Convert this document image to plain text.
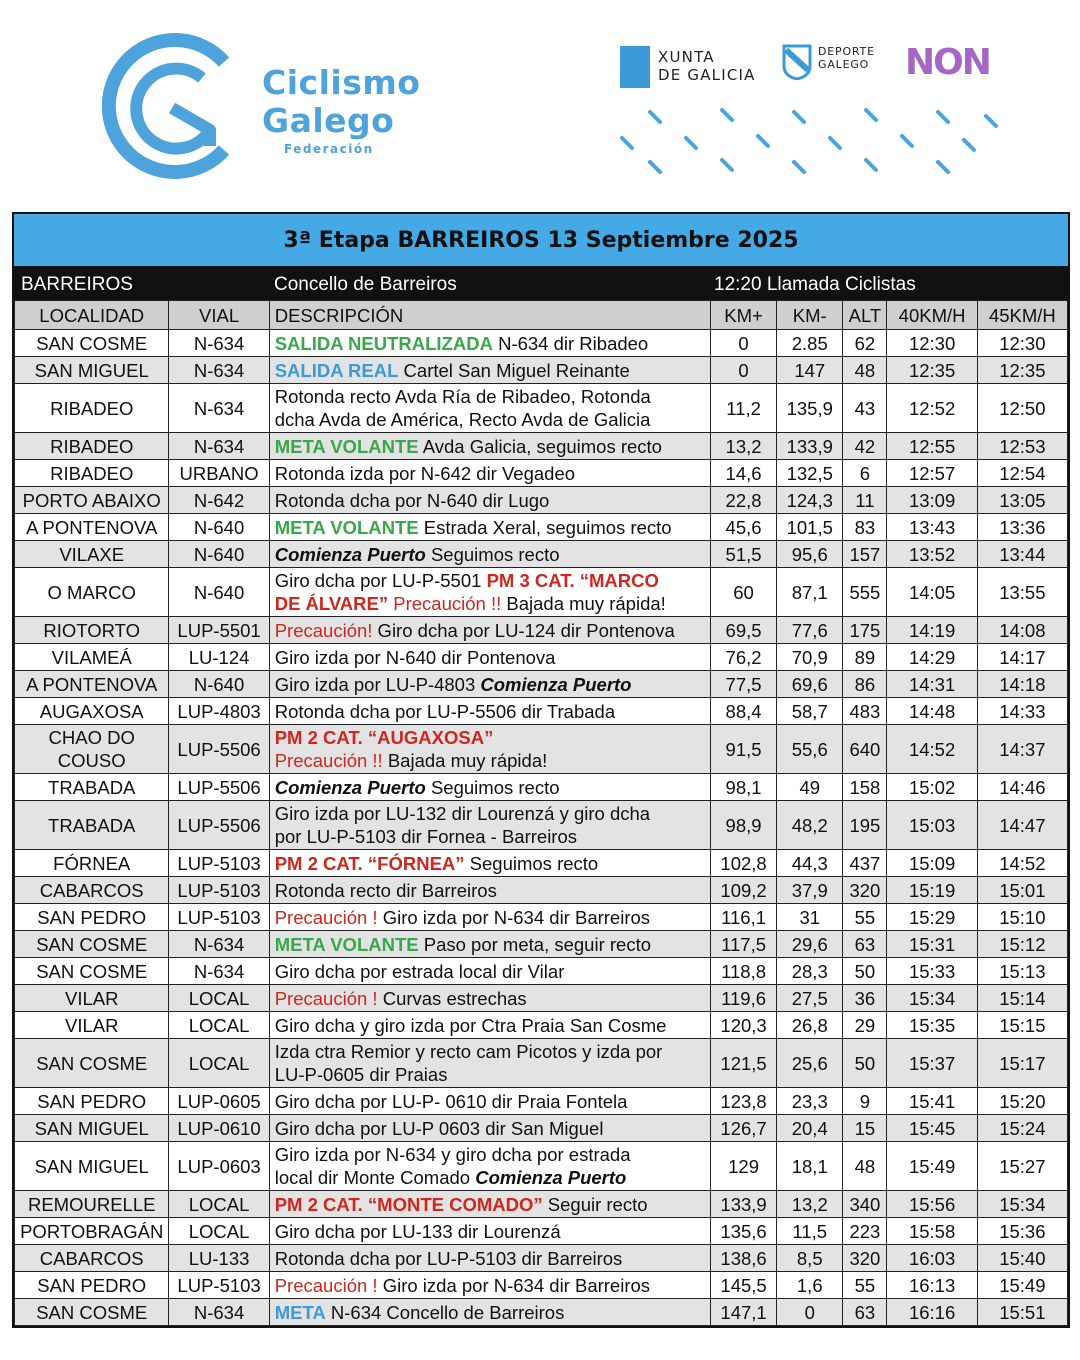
Ciclismo
Galego
Federación
XUNTA
DE GALICIA
DEPORTE
GALEGO NON
3ª Etapa BARREIROS 13 Septiembre 2025
BARREIROS	Concello de Barreiros	12:20 Llamada Ciclistas
LOCALIDAD	VIAL	DESCRIPCIÓN	KM+	KM-	ALT	40KM/H	45KM/H
SAN COSME	N-634	SALIDA NEUTRALIZADA N-634 dir Ribadeo	0	2.85	62	12:30	12:30
SAN MIGUEL	N-634	SALIDA REAL Cartel San Miguel Reinante	0	147	48	12:35	12:35
RIBADEO	N-634	Rotonda recto Avda Ría de Ribadeo, Rotonda
dcha Avda de América, Recto Avda de Galicia	11,2	135,9	43	12:52	12:50
RIBADEO	N-634	META VOLANTE Avda Galicia, seguimos recto	13,2	133,9	42	12:55	12:53
RIBADEO	URBANO	Rotonda izda por N-642 dir Vegadeo	14,6	132,5	6	12:57	12:54
PORTO ABAIXO	N-642	Rotonda dcha por N-640 dir Lugo	22,8	124,3	11	13:09	13:05
A PONTENOVA	N-640	META VOLANTE Estrada Xeral, seguimos recto	45,6	101,5	83	13:43	13:36
VILAXE	N-640	Comienza Puerto Seguimos recto	51,5	95,6	157	13:52	13:44
O MARCO	N-640	Giro dcha por LU-P-5501 PM 3 CAT. “MARCO
DE ÁLVARE” Precaución !! Bajada muy rápida!	60	87,1	555	14:05	13:55
RIOTORTO	LUP-5501	Precaución! Giro dcha por LU-124 dir Pontenova	69,5	77,6	175	14:19	14:08
VILAMEÁ	LU-124	Giro izda por N-640 dir Pontenova	76,2	70,9	89	14:29	14:17
A PONTENOVA	N-640	Giro izda por LU-P-4803 Comienza Puerto	77,5	69,6	86	14:31	14:18
AUGAXOSA	LUP-4803	Rotonda dcha por LU-P-5506 dir Trabada	88,4	58,7	483	14:48	14:33
CHAO DO COUSO	LUP-5506	PM 2 CAT. “AUGAXOSA”
Precaución !! Bajada muy rápida!	91,5	55,6	640	14:52	14:37
TRABADA	LUP-5506	Comienza Puerto Seguimos recto	98,1	49	158	15:02	14:46
TRABADA	LUP-5506	Giro izda por LU-132 dir Lourenzá y giro dcha
por LU-P-5103 dir Fornea - Barreiros	98,9	48,2	195	15:03	14:47
FÓRNEA	LUP-5103	PM 2 CAT. “FÓRNEA” Seguimos recto	102,8	44,3	437	15:09	14:52
CABARCOS	LUP-5103	Rotonda recto dir Barreiros	109,2	37,9	320	15:19	15:01
SAN PEDRO	LUP-5103	Precaución ! Giro izda por N-634 dir Barreiros	116,1	31	55	15:29	15:10
SAN COSME	N-634	META VOLANTE Paso por meta, seguir recto	117,5	29,6	63	15:31	15:12
SAN COSME	N-634	Giro dcha por estrada local dir Vilar	118,8	28,3	50	15:33	15:13
VILAR	LOCAL	Precaución ! Curvas estrechas	119,6	27,5	36	15:34	15:14
VILAR	LOCAL	Giro dcha y giro izda por Ctra Praia San Cosme	120,3	26,8	29	15:35	15:15
SAN COSME	LOCAL	Izda ctra Remior y recto cam Picotos y izda por
LU-P-0605 dir Praias	121,5	25,6	50	15:37	15:17
SAN PEDRO	LUP-0605	Giro dcha por LU-P- 0610 dir Praia Fontela	123,8	23,3	9	15:41	15:20
SAN MIGUEL	LUP-0610	Giro dcha por LU-P 0603 dir San Miguel	126,7	20,4	15	15:45	15:24
SAN MIGUEL	LUP-0603	Giro izda por N-634 y giro dcha por estrada
local dir Monte Comado Comienza Puerto	129	18,1	48	15:49	15:27
REMOURELLE	LOCAL	PM 2 CAT. “MONTE COMADO” Seguir recto	133,9	13,2	340	15:56	15:34
PORTOBRAGÁN	LOCAL	Giro dcha por LU-133 dir Lourenzá	135,6	11,5	223	15:58	15:36
CABARCOS	LU-133	Rotonda dcha por LU-P-5103 dir Barreiros	138,6	8,5	320	16:03	15:40
SAN PEDRO	LUP-5103	Precaución ! Giro izda por N-634 dir Barreiros	145,5	1,6	55	16:13	15:49
SAN COSME	N-634	META N-634 Concello de Barreiros	147,1	0	63	16:16	15:51
